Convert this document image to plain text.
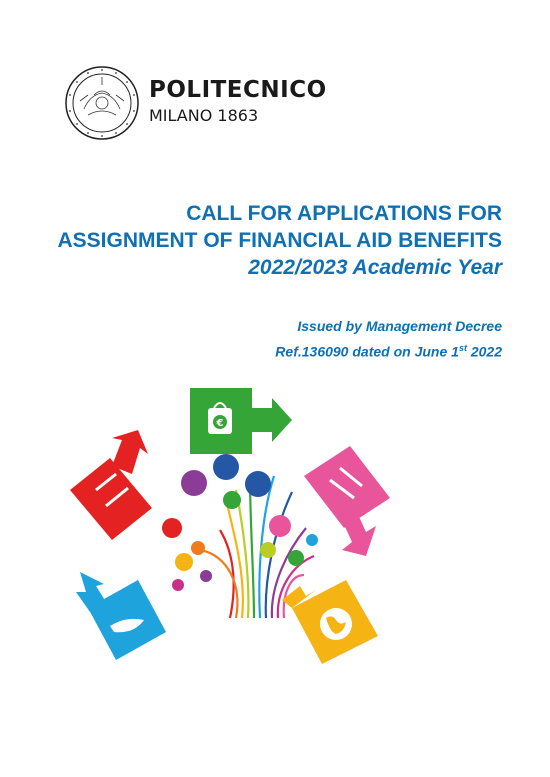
POLITECNICO
MILANO 1863
CALL FOR APPLICATIONS FOR
ASSIGNMENT OF FINANCIAL AID BENEFITS
2022/2023 Academic Year
Issued by Management Decree
Ref.136090 dated on June 1st 2022
€
